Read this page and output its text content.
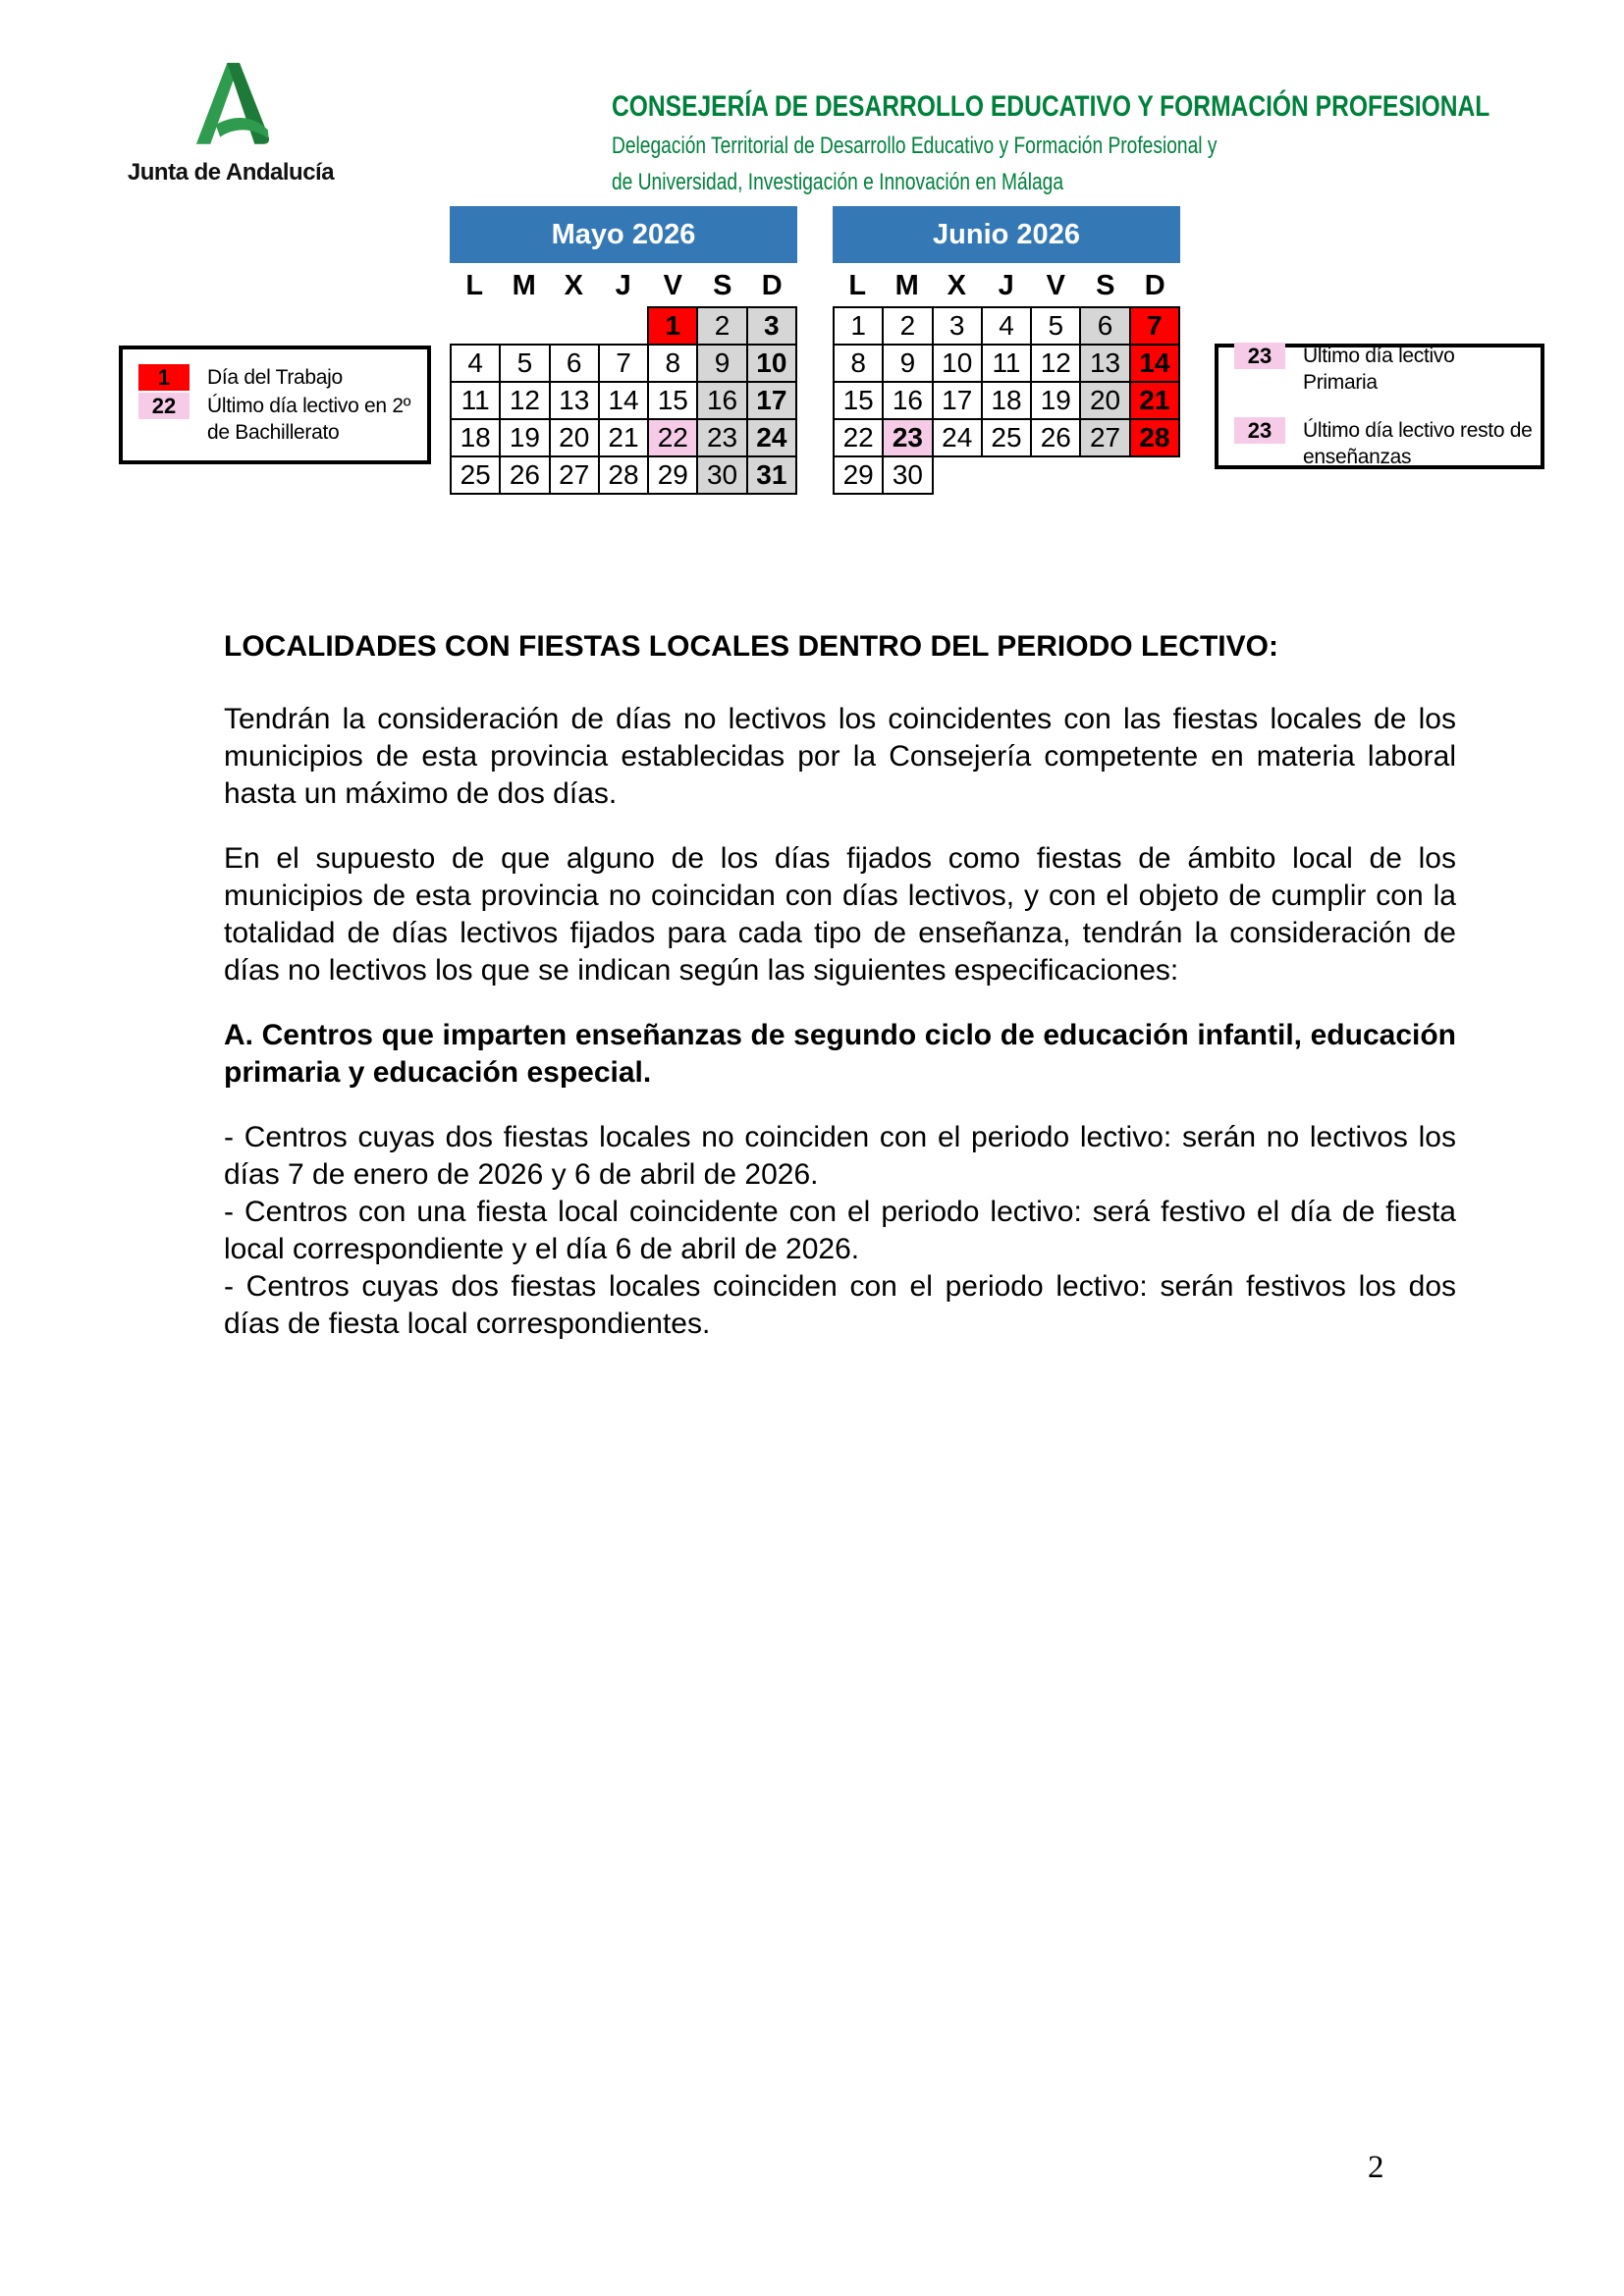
Junta de Andalucía
CONSEJERÍA DE DESARROLLO EDUCATIVO Y FORMACIÓN PROFESIONAL
Delegación Territorial de Desarrollo Educativo y Formación Profesional y
de Universidad, Investigación e Innovación en Málaga
Mayo 2026
L	M X	J	V	S	D
				1	2	3
4	5	6	7	8	9	10
11	12	13	14	15	16	17
18	19	20	21	22	23	24
25	26	27	28	29	30	31
Junio 2026
L	M X	J	V	S	D
1	2	3	4	5	6	7
8	9	10	11	12	13	14
15	16	17	18	19	20	21
22	23	24	25	26	27	28
29	30					
1	Día del Trabajo
22	Último día lectivo en 2º de Bachillerato
23	Último día lectivo Primaria
23	Último día lectivo resto de enseñanzas
LOCALIDADES CON FIESTAS LOCALES DENTRO DEL PERIODO LECTIVO:

Tendrán la consideración de días no lectivos los coincidentes con las fiestas locales de los municipios de esta provincia establecidas por la Consejería competente en materia laboral hasta un máximo de dos días.

En el supuesto de que alguno de los días fijados como fiestas de ámbito local de los municipios de esta provincia no coincidan con días lectivos, y con el objeto de cumplir con la totalidad de días lectivos fijados para cada tipo de enseñanza, tendrán la consideración de días no lectivos los que se indican según las siguientes especificaciones:

A. Centros que imparten enseñanzas de segundo ciclo de educación infantil, educación primaria y educación especial.

- Centros cuyas dos fiestas locales no coinciden con el periodo lectivo: serán no lectivos los días 7 de enero de 2026 y 6 de abril de 2026.

- Centros con una fiesta local coincidente con el periodo lectivo: será festivo el día de fiesta local correspondiente y el día 6 de abril de 2026.

- Centros cuyas dos fiestas locales coinciden con el periodo lectivo: serán festivos los dos días de fiesta local correspondientes.

2
